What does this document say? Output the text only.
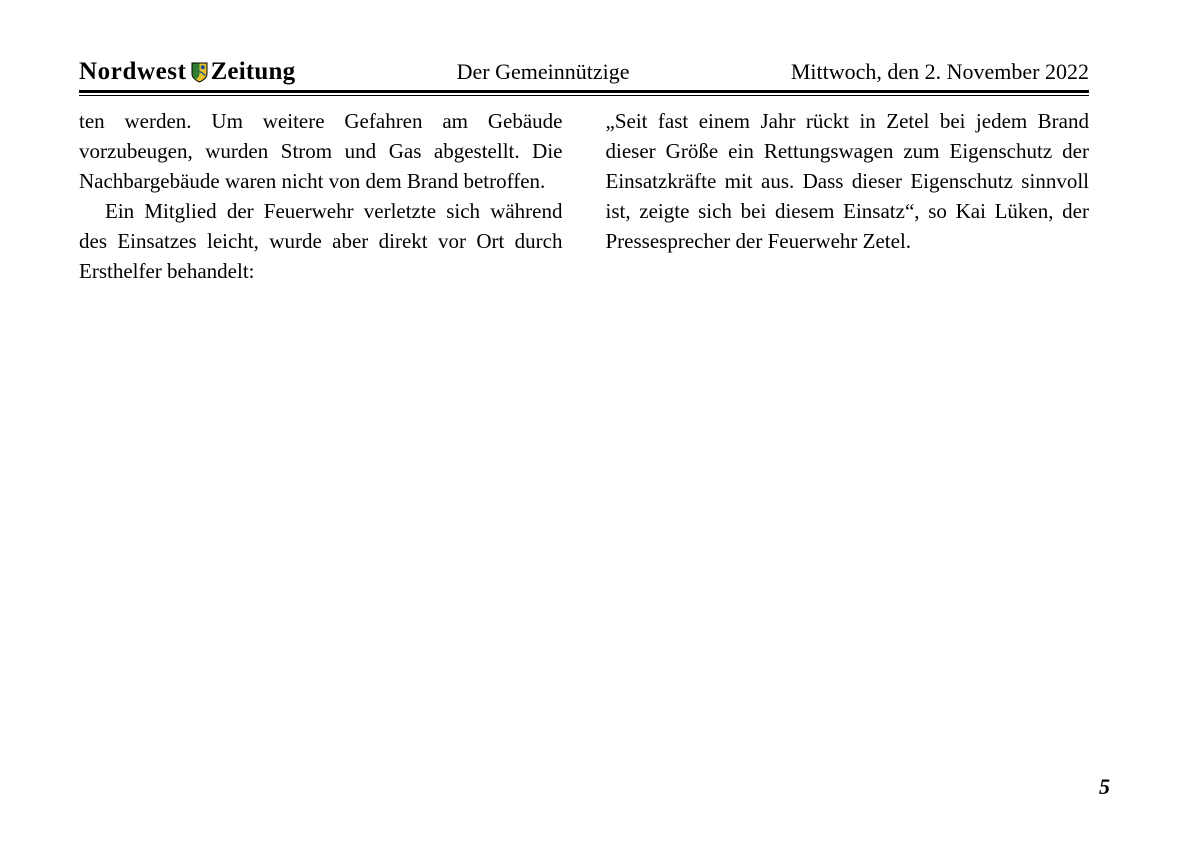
Nordwest Zeitung	Der Gemeinnützige	Mittwoch, den 2. November 2022

ten werden. Um weitere Gefahren am Gebäude vorzubeugen, wurden Strom und Gas abgestellt. Die Nachbargebäude waren nicht von dem Brand betroffen.

Ein Mitglied der Feuerwehr verletzte sich während des Einsatzes leicht, wurde aber direkt vor Ort durch Ersthelfer behandelt:

„Seit fast einem Jahr rückt in Zetel bei jedem Brand dieser Größe ein Rettungswagen zum Eigenschutz der Einsatzkräfte mit aus. Dass dieser Eigenschutz sinnvoll ist, zeigte sich bei diesem Einsatz“, so Kai Lüken, der Pressesprecher der Feuerwehr Zetel.

5
